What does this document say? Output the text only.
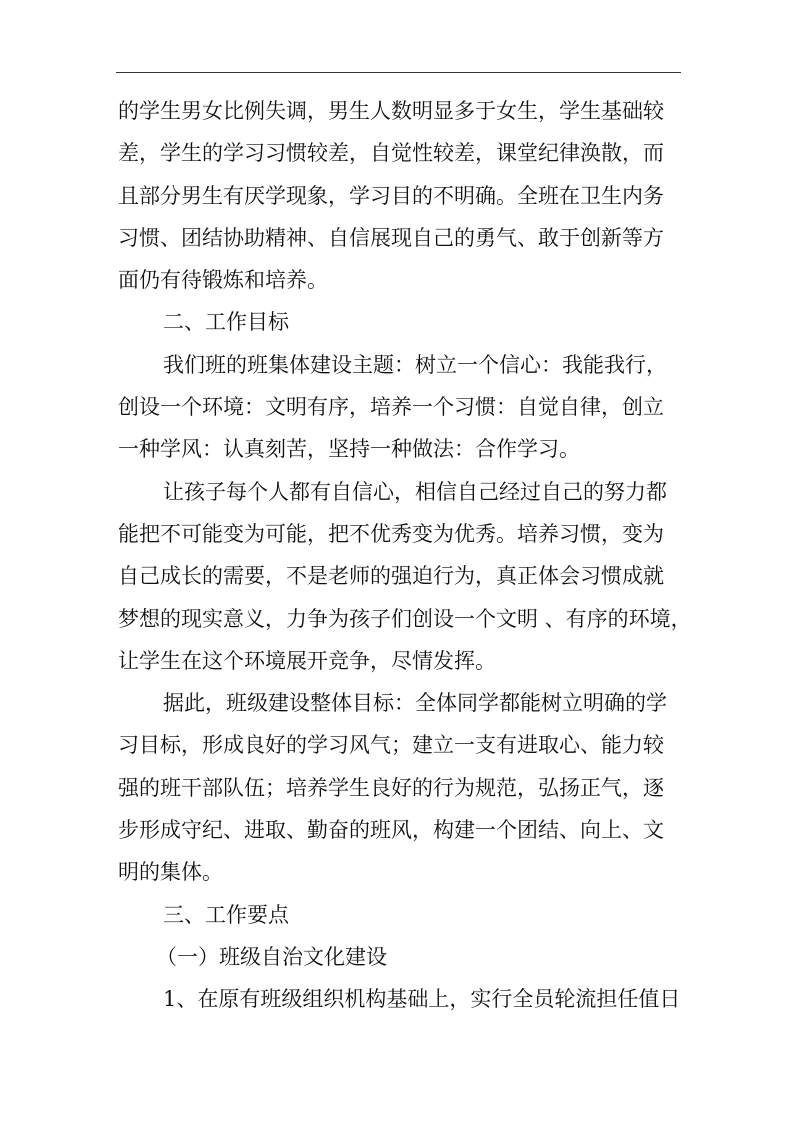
的学生男女比例失调，男生人数明显多于女生，学生基础较
差，学生的学习习惯较差，自觉性较差，课堂纪律涣散，而
且部分男生有厌学现象，学习目的不明确。全班在卫生内务
习惯、团结协助精神、自信展现自己的勇气、敢于创新等方
面仍有待锻炼和培养。
二、工作目标
我们班的班集体建设主题：树立一个信心：我能我行，
创设一个环境：文明有序，培养一个习惯：自觉自律，创立
一种学风：认真刻苦，坚持一种做法：合作学习。
让孩子每个人都有自信心，相信自己经过自己的努力都
能把不可能变为可能，把不优秀变为优秀。培养习惯，变为
自己成长的需要，不是老师的强迫行为，真正体会习惯成就
梦想的现实意义，力争为孩子们创设一个文明 、有序的环境，
让学生在这个环境展开竞争，尽情发挥。
据此，班级建设整体目标：全体同学都能树立明确的学
习目标，形成良好的学习风气；建立一支有进取心、能力较
强的班干部队伍；培养学生良好的行为规范，弘扬正气，逐
步形成守纪、进取、勤奋的班风，构建一个团结、向上、文
明的集体。
三、工作要点
（一）班级自治文化建设
1、在原有班级组织机构基础上，实行全员轮流担任值日
